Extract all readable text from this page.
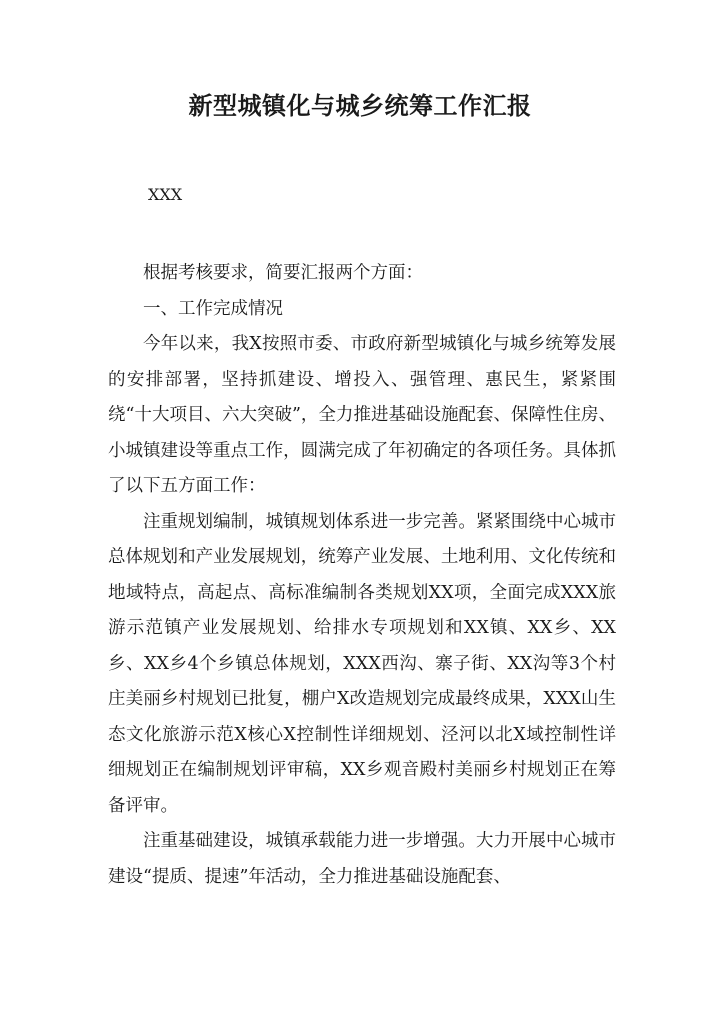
新型城镇化与城乡统筹工作汇报
XXX

根据考核要求，简要汇报两个方面：

一、工作完成情况

今年以来，我X按照市委、市政府新型城镇化与城乡统筹发展的安排部署，坚持抓建设、增投入、强管理、惠民生，紧紧围绕“十大项目、六大突破”，全力推进基础设施配套、保障性住房、小城镇建设等重点工作，圆满完成了年初确定的各项任务。具体抓了以下五方面工作：

注重规划编制，城镇规划体系进一步完善。紧紧围绕中心城市总体规划和产业发展规划，统筹产业发展、土地利用、文化传统和地域特点，高起点、高标准编制各类规划XX项，全面完成XXX旅游示范镇产业发展规划、给排水专项规划和XX镇、XX乡、XX乡、XX乡4个乡镇总体规划，XXX西沟、寨子街、XX沟等3个村庄美丽乡村规划已批复，棚户X改造规划完成最终成果，XXX山生态文化旅游示范X核心X控制性详细规划、泾河以北X域控制性详细规划正在编制规划评审稿，XX乡观音殿村美丽乡村规划正在筹备评审。

注重基础建设，城镇承载能力进一步增强。大力开展中心城市建设“提质、提速”年活动，全力推进基础设施配套、
